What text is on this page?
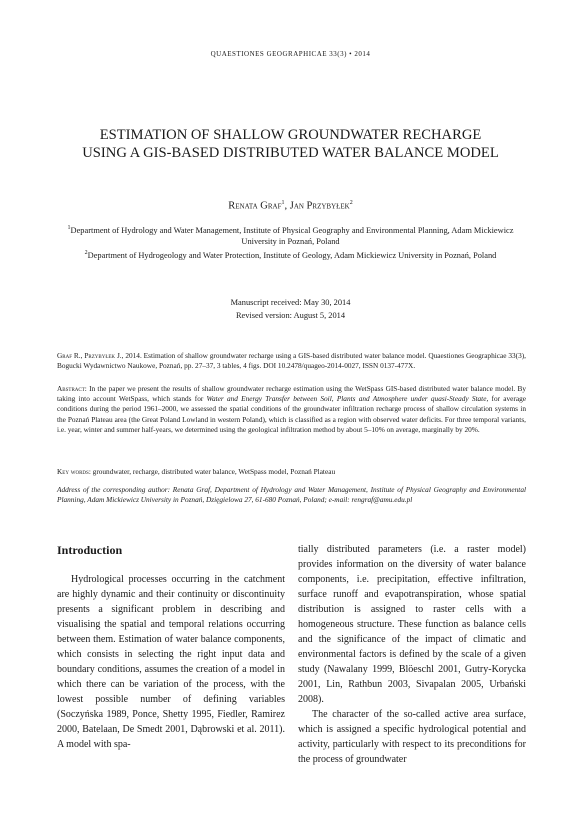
QUAESTIONES GEOGRAPHICAE 33(3) • 2014
ESTIMATION OF SHALLOW GROUNDWATER RECHARGE
USING A GIS-BASED DISTRIBUTED WATER BALANCE MODEL
Renata Graf$^1$, Jan Przybyłek$^2$
$^1$Department of Hydrology and Water Management, Institute of Physical Geography and Environmental Planning, Adam Mickiewicz University in Poznań, Poland
$^2$Department of Hydrogeology and Water Protection, Institute of Geology, Adam Mickiewicz University in Poznań, Poland
Manuscript received: May 30, 2014
Revised version: August 5, 2014

Graf R., Przybyłek J., 2014. Estimation of shallow groundwater recharge using a GIS-based distributed water balance model. Quaestiones Geographicae 33(3), Bogucki Wydawnictwo Naukowe, Poznań, pp. 27–37, 3 tables, 4 figs. DOI 10.2478/quageo-2014-0027, ISSN 0137-477X.

Abstract: In the paper we present the results of shallow groundwater recharge estimation using the WetSpass GIS-based distributed water balance model. By taking into account WetSpass, which stands for Water and Energy Transfer between Soil, Plants and Atmosphere under quasi-Steady State, for average conditions during the period 1961–2000, we assessed the spatial conditions of the groundwater infiltration recharge process of shallow circulation systems in the Poznań Plateau area (the Great Poland Lowland in western Poland), which is classified as a region with observed water deficits. For three temporal variants, i.e. year, winter and summer half-years, we determined using the geological infiltration method by about 5–10% on average, marginally by 20%.

Key words: groundwater, recharge, distributed water balance, WetSpass model, Poznań Plateau

Address of the corresponding author: Renata Graf, Department of Hydrology and Water Management, Institute of Physical Geography and Environmental Planning, Adam Mickiewicz University in Poznań, Dzięgielowa 27, 61-680 Poznań, Poland; e-mail: rengraf@amu.edu.pl

Introduction

Hydrological processes occurring in the catchment are highly dynamic and their continuity or discontinuity presents a significant problem in describing and visualising the spatial and temporal relations occurring between them. Estimation of water balance components, which consists in selecting the right input data and boundary conditions, assumes the creation of a model in which there can be variation of the process, with the lowest possible number of defining variables (Soczyńska 1989, Ponce, Shetty 1995, Fiedler, Ramirez 2000, Batelaan, De Smedt 2001, Dąbrowski et al. 2011). A model with spa-

tially distributed parameters (i.e. a raster model) provides information on the diversity of water balance components, i.e. precipitation, effective infiltration, surface runoff and evapotranspiration, whose spatial distribution is assigned to raster cells with a homogeneous structure. These function as balance cells and the significance of the impact of climatic and environmental factors is defined by the scale of a given study (Nawalany 1999, Blöeschl 2001, Gutry-Korycka 2001, Lin, Rathbun 2003, Sivapalan 2005, Urbański 2008).

The character of the so-called active area surface, which is assigned a specific hydrological potential and activity, particularly with respect to its preconditions for the process of groundwater
